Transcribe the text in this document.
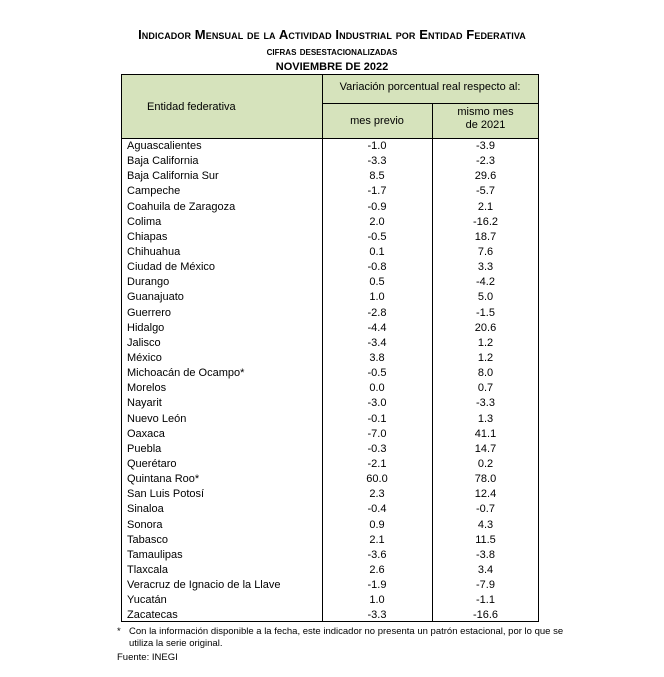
Indicador Mensual de la Actividad Industrial por Entidad Federativa
cifras desestacionalizadas
NOVIEMBRE DE 2022
Entidad federativa
Variación porcentual real respecto al:
mes previo
mismo mes
de 2021
Aguascalientes	-1.0	-3.9
Baja California	-3.3	-2.3
Baja California Sur	8.5	29.6
Campeche	-1.7	-5.7
Coahuila de Zaragoza	-0.9	2.1
Colima	2.0	-16.2
Chiapas	-0.5	18.7
Chihuahua	0.1	7.6
Ciudad de México	-0.8	3.3
Durango	0.5	-4.2
Guanajuato	1.0	5.0
Guerrero	-2.8	-1.5
Hidalgo	-4.4	20.6
Jalisco	-3.4	1.2
México	3.8	1.2
Michoacán de Ocampo*	-0.5	8.0
Morelos	0.0	0.7
Nayarit	-3.0	-3.3
Nuevo León	-0.1	1.3
Oaxaca	-7.0	41.1
Puebla	-0.3	14.7
Querétaro	-2.1	0.2
Quintana Roo*	60.0	78.0
San Luis Potosí	2.3	12.4
Sinaloa	-0.4	-0.7
Sonora	0.9	4.3
Tabasco	2.1	11.5
Tamaulipas	-3.6	-3.8
Tlaxcala	2.6	3.4
Veracruz de Ignacio de la Llave	-1.9	-7.9
Yucatán	1.0	-1.1
Zacatecas	-3.3	-16.6
* Con la información disponible a la fecha, este indicador no presenta un patrón estacional, por lo que se utiliza la serie original.
Fuente: INEGI
